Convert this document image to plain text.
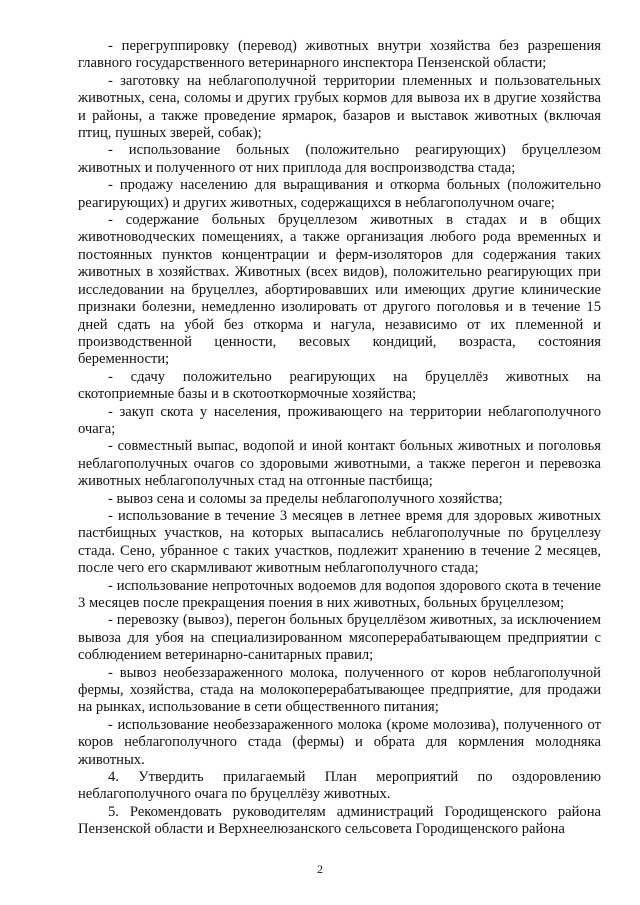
- перегруппировку (перевод) животных внутри хозяйства без разрешения главного государственного ветеринарного инспектора Пензенской области;

- заготовку на неблагополучной территории племенных и пользовательных животных, сена, соломы и других грубых кормов для вывоза их в другие хозяйства и районы, а также проведение ярмарок, базаров и выставок животных (включая птиц, пушных зверей, собак);

- использование больных (положительно реагирующих) бруцеллезом животных и полученного от них приплода для воспроизводства стада;

- продажу населению для выращивания и откорма больных (положительно реагирующих) и других животных, содержащихся в неблагополучном очаге;

- содержание больных бруцеллезом животных в стадах и в общих животноводческих помещениях, а также организация любого рода временных и постоянных пунктов концентрации и ферм-изоляторов для содержания таких животных в хозяйствах. Животных (всех видов), положительно реагирующих при исследовании на бруцеллез, абортировавших или имеющих другие клинические признаки болезни, немедленно изолировать от другого поголовья и в течение 15 дней сдать на убой без откорма и нагула, независимо от их племенной и производственной ценности, весовых кондиций, возраста, состояния беременности;

- сдачу положительно реагирующих на бруцеллёз животных на скотоприемные базы и в скотооткормочные хозяйства;

- закуп скота у населения, проживающего на территории неблагополучного очага;

- совместный выпас, водопой и иной контакт больных животных и поголовья неблагополучных очагов со здоровыми животными, а также перегон и перевозка животных неблагополучных стад на отгонные пастбища;

- вывоз сена и соломы за пределы неблагополучного хозяйства;

- использование в течение 3 месяцев в летнее время для здоровых животных пастбищных участков, на которых выпасались неблагополучные по бруцеллезу стада. Сено, убранное с таких участков, подлежит хранению в течение 2 месяцев, после чего его скармливают животным неблагополучного стада;

- использование непроточных водоемов для водопоя здорового скота в течение 3 месяцев после прекращения поения в них животных, больных бруцеллезом;

- перевозку (вывоз), перегон больных бруцеллёзом животных, за исключением вывоза для убоя на специализированном мясоперерабатывающем предприятии с соблюдением ветеринарно-санитарных правил;

- вывоз необеззараженного молока, полученного от коров неблагополучной фермы, хозяйства, стада на молокоперерабатывающее предприятие, для продажи на рынках, использование в сети общественного питания;

- использование необеззараженного молока (кроме молозива), полученного от коров неблагополучного стада (фермы) и обрата для кормления молодняка животных.

4. Утвердить прилагаемый План мероприятий по оздоровлению неблагополучного очага по бруцеллёзу животных.

5. Рекомендовать руководителям администраций Городищенского района Пензенской области и Верхнеелюзанского сельсовета Городищенского района

2
